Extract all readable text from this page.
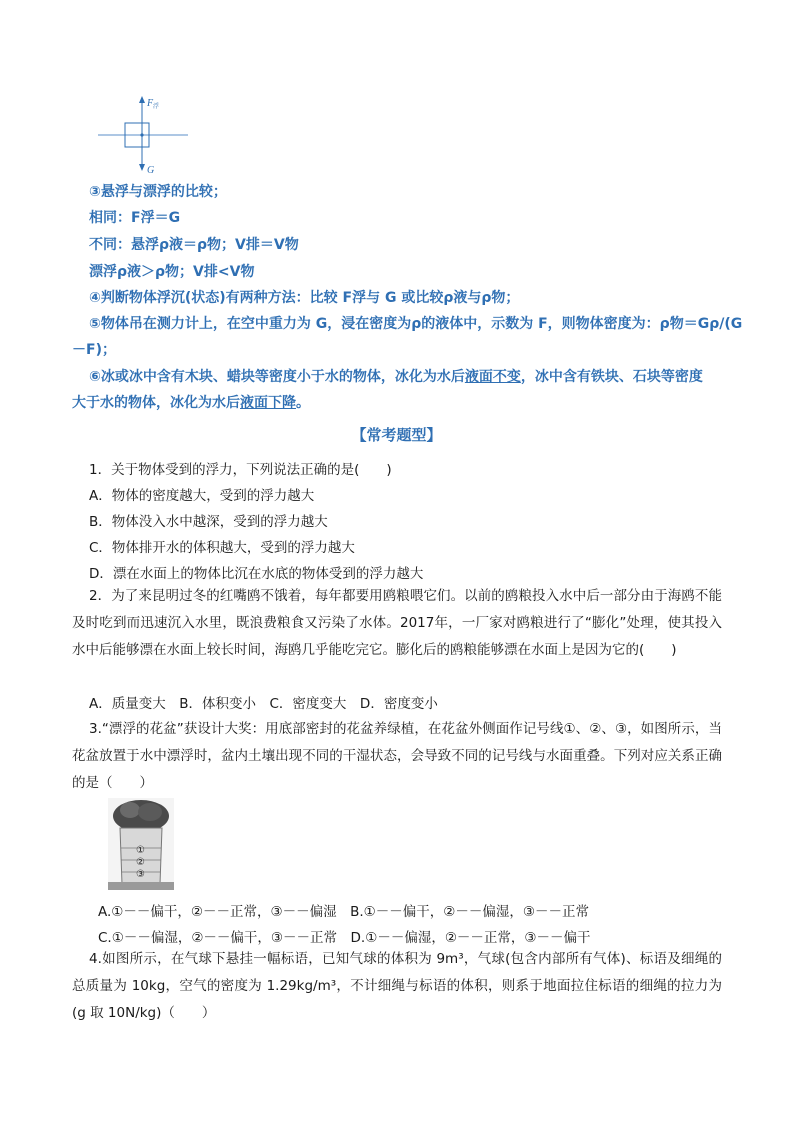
F 浮
G
③悬浮与漂浮的比较；
相同：F浮＝G
不同：悬浮ρ液＝ρ物；V排＝V物
漂浮ρ液＞ρ物；V排<V物
④判断物体浮沉(状态)有两种方法：比较 F浮与 G 或比较ρ液与ρ物；
⑤物体吊在测力计上，在空中重力为 G，浸在密度为ρ的液体中，示数为 F，则物体密度为：ρ物＝Gρ/(G
－F)；
⑥冰或冰中含有木块、蜡块等密度小于水的物体，冰化为水后液面不变，冰中含有铁块、石块等密度
大于水的物体，冰化为水后液面下降。
【常考题型】
1．关于物体受到的浮力，下列说法正确的是(　　)
A．物体的密度越大，受到的浮力越大
B．物体没入水中越深，受到的浮力越大
C．物体排开水的体积越大，受到的浮力越大
D．漂在水面上的物体比沉在水底的物体受到的浮力越大
2．为了来昆明过冬的红嘴鸥不饿着，每年都要用鸥粮喂它们。以前的鸥粮投入水中后一部分由于海鸥不能及时吃到而迅速沉入水里，既浪费粮食又污染了水体。2017年，一厂家对鸥粮进行了“膨化”处理，使其投入水中后能够漂在水面上较长时间，海鸥几乎能吃完它。膨化后的鸥粮能够漂在水面上是因为它的(　　)
A．质量变大　B．体积变小　C．密度变大　D．密度变小
3.“漂浮的花盆”获设计大奖：用底部密封的花盆养绿植，在花盆外侧面作记号线①、②、③，如图所示，当花盆放置于水中漂浮时，盆内土壤出现不同的干湿状态，会导致不同的记号线与水面重叠。下列对应关系正确的是（　　）
①
②
③
A.①－－偏干，②－－正常，③－－偏湿　B.①－－偏干，②－－偏湿，③－－正常
C.①－－偏湿，②－－偏干，③－－正常　D.①－－偏湿，②－－正常，③－－偏干
4.如图所示，在气球下悬挂一幅标语，已知气球的体积为 9m³，气球(包含内部所有气体)、标语及细绳的总质量为 10kg，空气的密度为 1.29kg/m³，不计细绳与标语的体积，则系于地面拉住标语的细绳的拉力为(g 取 10N/kg)（　　）
